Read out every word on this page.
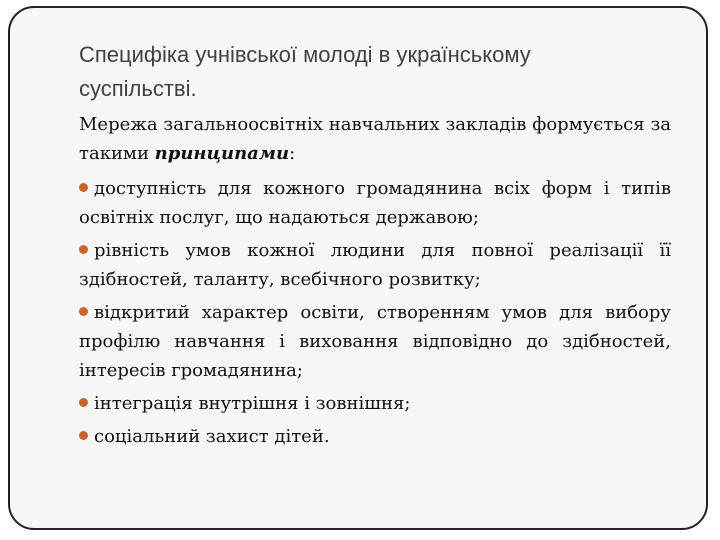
Специфіка учнівської молоді в українському суспільстві.

Мережа загальноосвітніх навчальних закладів формується за такими принципами:

доступність для кожного громадянина всіх форм і типів освітніх послуг, що надаються державою;
рівність умов кожної людини для повної реалізації її здібностей, таланту, всебічного розвитку;
відкритий характер освіти, створенням умов для вибору профілю навчання і виховання відповідно до здібностей, інтересів громадянина;
інтеграція внутрішня і зовнішня;
соціальний захист дітей.
